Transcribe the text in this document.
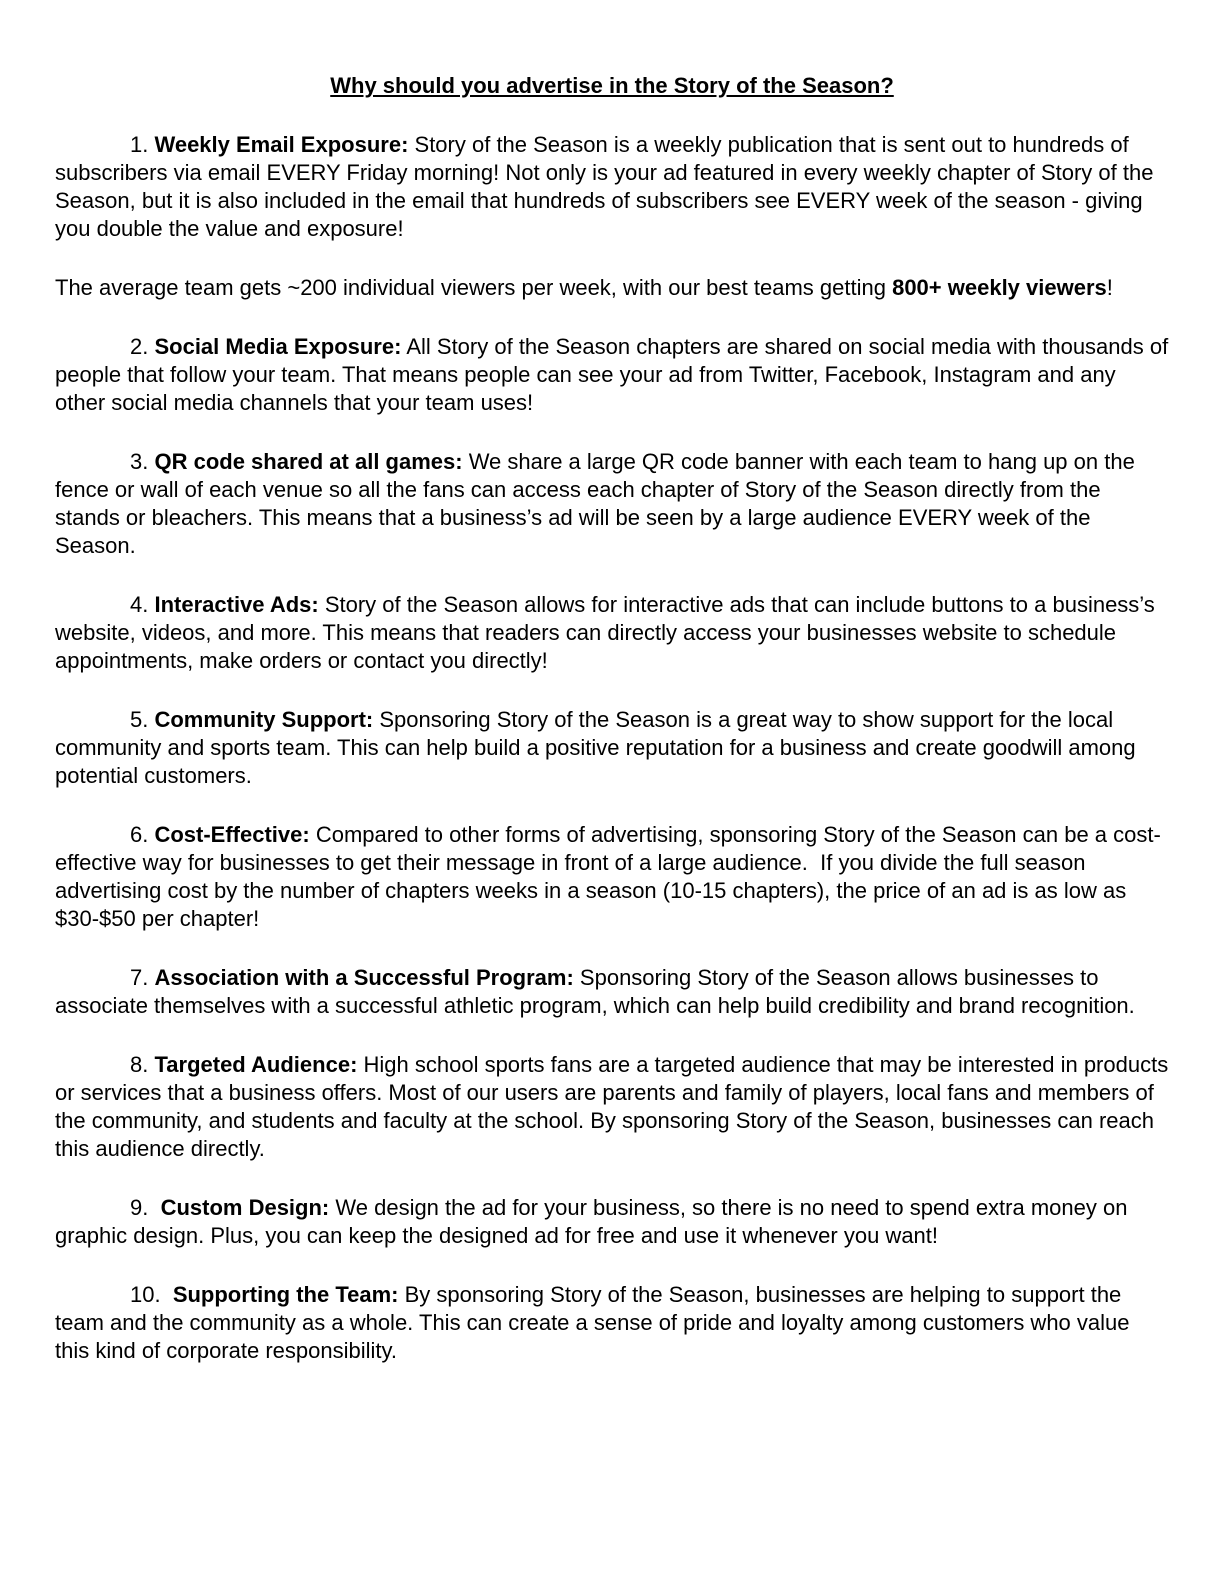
Why should you advertise in the Story of the Season?

1. Weekly Email Exposure: Story of the Season is a weekly publication that is sent out to hundreds of subscribers via email EVERY Friday morning! Not only is your ad featured in every weekly chapter of Story of the Season, but it is also included in the email that hundreds of subscribers see EVERY week of the season - giving you double the value and exposure!

The average team gets ~200 individual viewers per week, with our best teams getting 800+ weekly viewers!

2. Social Media Exposure: All Story of the Season chapters are shared on social media with thousands of people that follow your team. That means people can see your ad from Twitter, Facebook, Instagram and any other social media channels that your team uses!

3. QR code shared at all games: We share a large QR code banner with each team to hang up on the fence or wall of each venue so all the fans can access each chapter of Story of the Season directly from the stands or bleachers. This means that a business’s ad will be seen by a large audience EVERY week of the Season.

4. Interactive Ads: Story of the Season allows for interactive ads that can include buttons to a business’s website, videos, and more. This means that readers can directly access your businesses website to schedule appointments, make orders or contact you directly!

5. Community Support: Sponsoring Story of the Season is a great way to show support for the local community and sports team. This can help build a positive reputation for a business and create goodwill among potential customers.

6. Cost-Effective: Compared to other forms of advertising, sponsoring Story of the Season can be a cost-effective way for businesses to get their message in front of a large audience.  If you divide the full season advertising cost by the number of chapters weeks in a season (10-15 chapters), the price of an ad is as low as $30-$50 per chapter!

7. Association with a Successful Program: Sponsoring Story of the Season allows businesses to associate themselves with a successful athletic program, which can help build credibility and brand recognition.

8. Targeted Audience: High school sports fans are a targeted audience that may be interested in products or services that a business offers. Most of our users are parents and family of players, local fans and members of the community, and students and faculty at the school. By sponsoring Story of the Season, businesses can reach this audience directly.

9.  Custom Design: We design the ad for your business, so there is no need to spend extra money on graphic design. Plus, you can keep the designed ad for free and use it whenever you want!

10.  Supporting the Team: By sponsoring Story of the Season, businesses are helping to support the team and the community as a whole. This can create a sense of pride and loyalty among customers who value this kind of corporate responsibility.
